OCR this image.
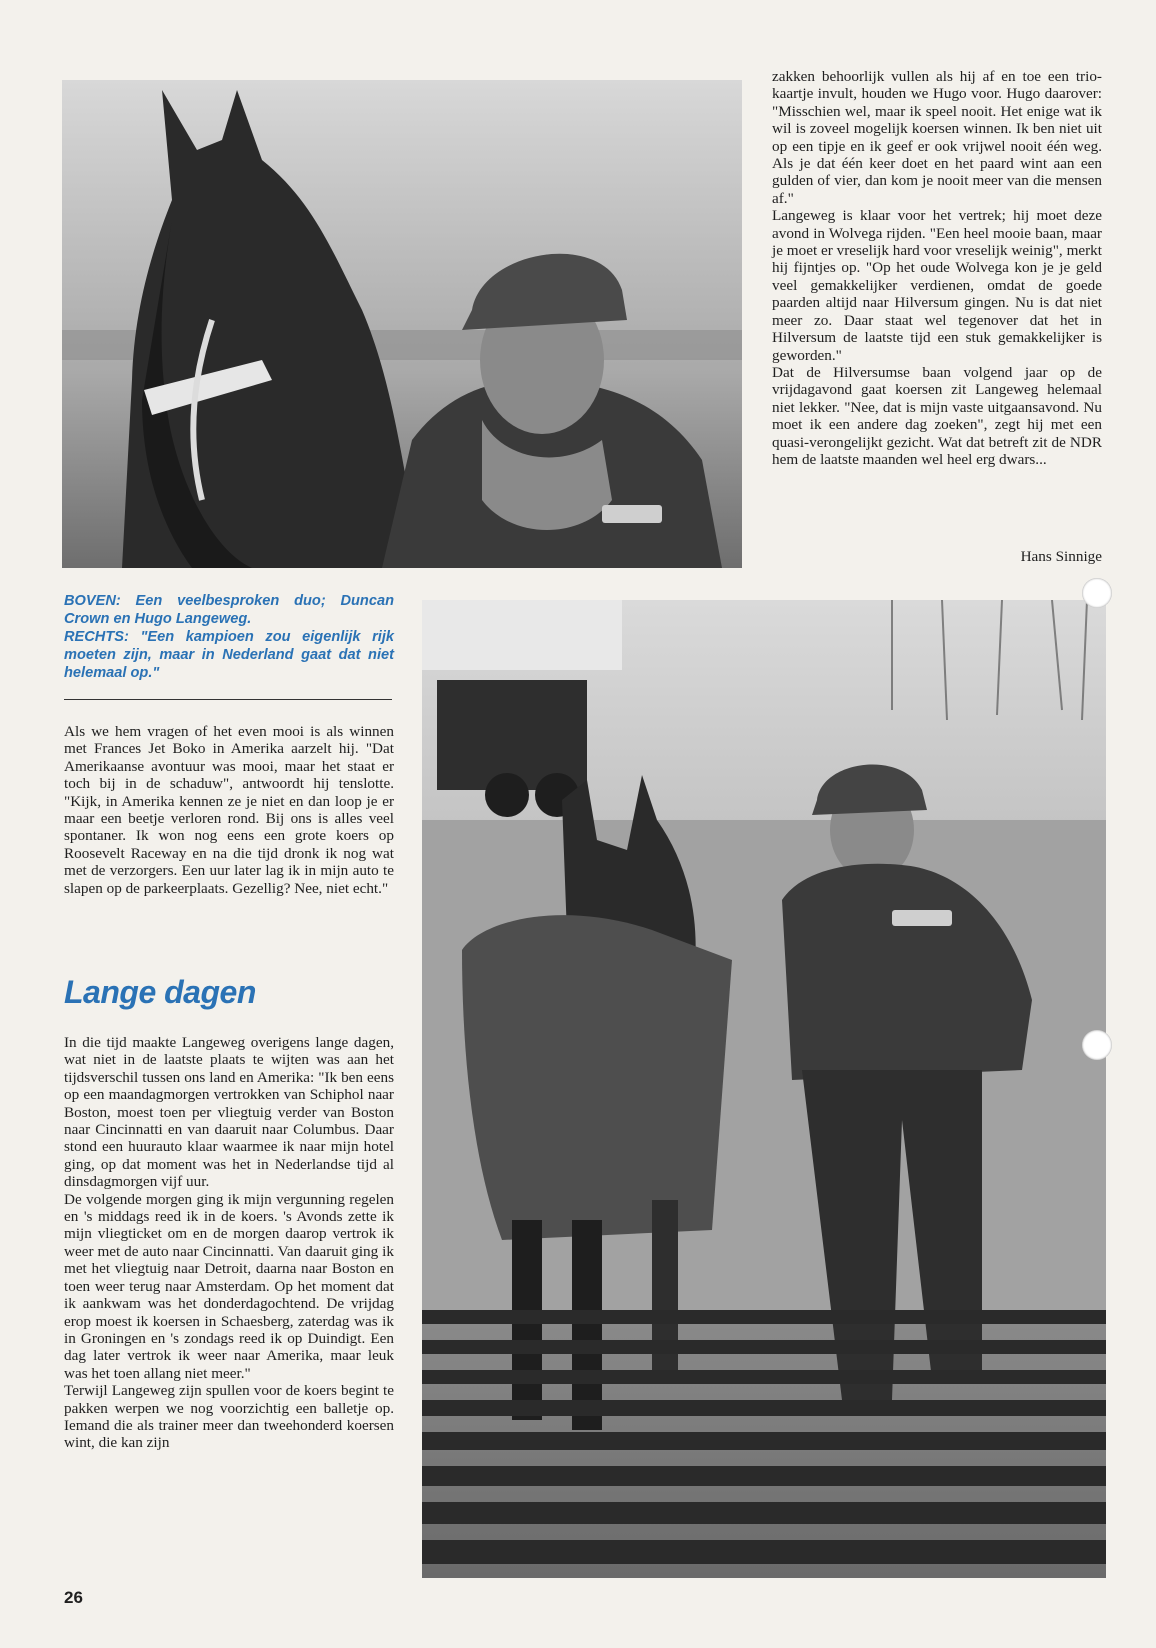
zakken behoorlijk vullen als hij af en toe een trio-kaartje invult, houden we Hugo voor. Hugo daarover: "Misschien wel, maar ik speel nooit. Het enige wat ik wil is zoveel mogelijk koersen winnen. Ik ben niet uit op een tipje en ik geef er ook vrijwel nooit één weg. Als je dat één keer doet en het paard wint aan een gulden of vier, dan kom je nooit meer van die mensen af."

Langeweg is klaar voor het vertrek; hij moet deze avond in Wolvega rijden. "Een heel mooie baan, maar je moet er vreselijk hard voor vreselijk weinig", merkt hij fijntjes op. "Op het oude Wolvega kon je je geld veel gemakkelijker verdienen, omdat de goede paarden altijd naar Hilversum gingen. Nu is dat niet meer zo. Daar staat wel tegenover dat het in Hilversum de laatste tijd een stuk gemakkelijker is geworden."

Dat de Hilversumse baan volgend jaar op de vrijdagavond gaat koersen zit Langeweg helemaal niet lekker. "Nee, dat is mijn vaste uitgaansavond. Nu moet ik een andere dag zoeken", zegt hij met een quasi-verongelijkt gezicht. Wat dat betreft zit de NDR hem de laatste maanden wel heel erg dwars...

Hans Sinnige

BOVEN: Een veelbesproken duo; Duncan Crown en Hugo Langeweg.

RECHTS: "Een kampioen zou eigenlijk rijk moeten zijn, maar in Nederland gaat dat niet helemaal op."

Als we hem vragen of het even mooi is als winnen met Frances Jet Boko in Amerika aarzelt hij. "Dat Amerikaanse avontuur was mooi, maar het staat er toch bij in de schaduw", antwoordt hij tenslotte. "Kijk, in Amerika kennen ze je niet en dan loop je er maar een beetje verloren rond. Bij ons is alles veel spontaner. Ik won nog eens een grote koers op Roosevelt Raceway en na die tijd dronk ik nog wat met de verzorgers. Een uur later lag ik in mijn auto te slapen op de parkeerplaats. Gezellig? Nee, niet echt."

Lange dagen

In die tijd maakte Langeweg overigens lange dagen, wat niet in de laatste plaats te wijten was aan het tijdsverschil tussen ons land en Amerika: "Ik ben eens op een maandagmorgen vertrokken van Schiphol naar Boston, moest toen per vliegtuig verder van Boston naar Cincinnatti en van daaruit naar Columbus. Daar stond een huurauto klaar waarmee ik naar mijn hotel ging, op dat moment was het in Nederlandse tijd al dinsdagmorgen vijf uur.

De volgende morgen ging ik mijn vergunning regelen en 's middags reed ik in de koers. 's Avonds zette ik mijn vliegticket om en de morgen daarop vertrok ik weer met de auto naar Cincinnatti. Van daaruit ging ik met het vliegtuig naar Detroit, daarna naar Boston en toen weer terug naar Amsterdam. Op het moment dat ik aankwam was het donderdagochtend. De vrijdag erop moest ik koersen in Schaesberg, zaterdag was ik in Groningen en 's zondags reed ik op Duindigt. Een dag later vertrok ik weer naar Amerika, maar leuk was het toen allang niet meer."

Terwijl Langeweg zijn spullen voor de koers begint te pakken werpen we nog voorzichtig een balletje op. Iemand die als trainer meer dan tweehonderd koersen wint, die kan zijn

26
